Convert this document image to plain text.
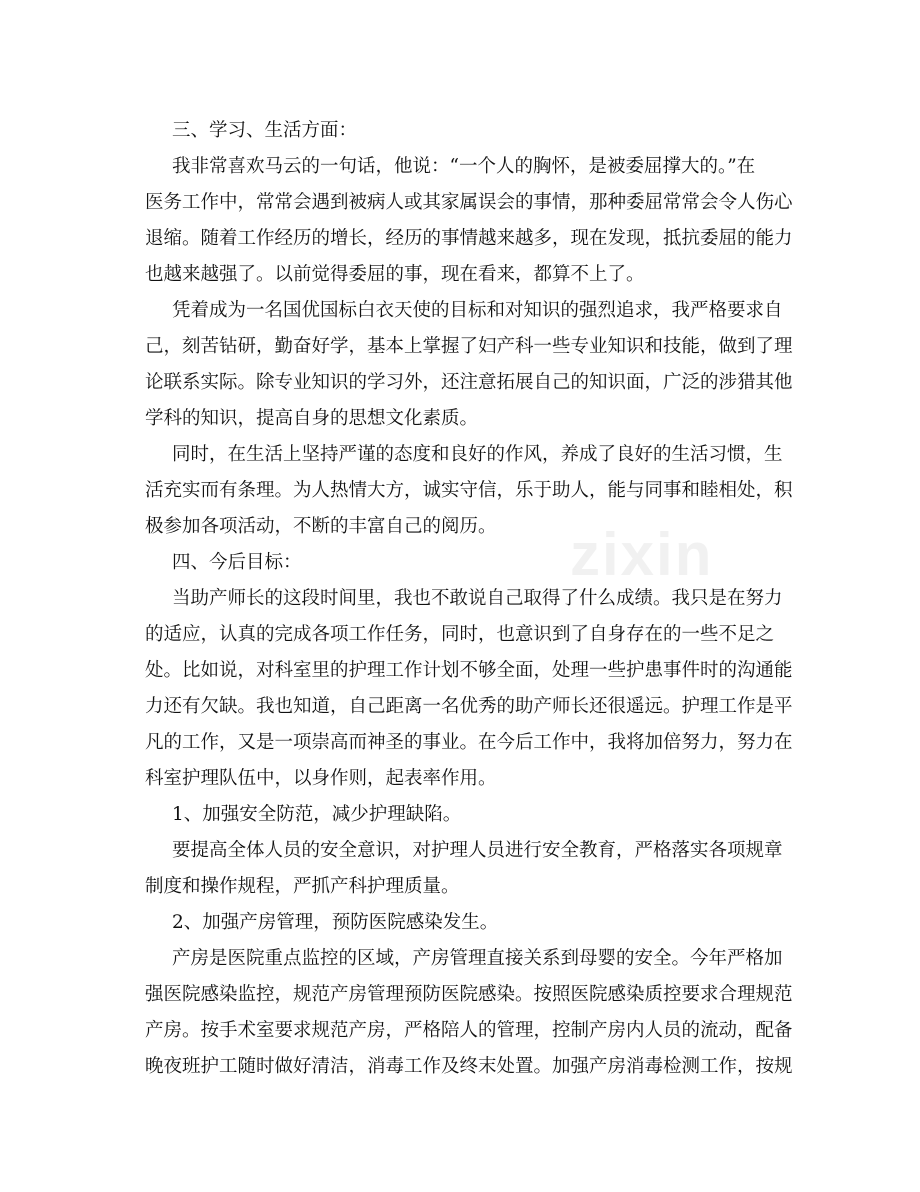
三、学习、生活方面：

我非常喜欢马云的一句话，他说：“一个人的胸怀，是被委屈撑大的。”在

医务工作中，常常会遇到被病人或其家属误会的事情，那种委屈常常会令人伤心

退缩。随着工作经历的增长，经历的事情越来越多，现在发现，抵抗委屈的能力

也越来越强了。以前觉得委屈的事，现在看来，都算不上了。

凭着成为一名国优国标白衣天使的目标和对知识的强烈追求，我严格要求自

己，刻苦钻研，勤奋好学，基本上掌握了妇产科一些专业知识和技能，做到了理

论联系实际。除专业知识的学习外，还注意拓展自己的知识面，广泛的涉猎其他

学科的知识，提高自身的思想文化素质。

同时，在生活上坚持严谨的态度和良好的作风，养成了良好的生活习惯，生

活充实而有条理。为人热情大方，诚实守信，乐于助人，能与同事和睦相处，积

极参加各项活动，不断的丰富自己的阅历。

四、今后目标：

当助产师长的这段时间里，我也不敢说自己取得了什么成绩。我只是在努力

的适应，认真的完成各项工作任务，同时，也意识到了自身存在的一些不足之

处。比如说，对科室里的护理工作计划不够全面，处理一些护患事件时的沟通能

力还有欠缺。我也知道，自己距离一名优秀的助产师长还很遥远。护理工作是平

凡的工作，又是一项崇高而神圣的事业。在今后工作中，我将加倍努力，努力在

科室护理队伍中，以身作则，起表率作用。

1、加强安全防范，减少护理缺陷。

要提高全体人员的安全意识，对护理人员进行安全教育，严格落实各项规章

制度和操作规程，严抓产科护理质量。

2、加强产房管理，预防医院感染发生。

产房是医院重点监控的区域，产房管理直接关系到母婴的安全。今年严格加

强医院感染监控，规范产房管理预防医院感染。按照医院感染质控要求合理规范

产房。按手术室要求规范产房，严格陪人的管理，控制产房内人员的流动，配备

晚夜班护工随时做好清洁，消毒工作及终末处置。加强产房消毒检测工作，按规

zixin
